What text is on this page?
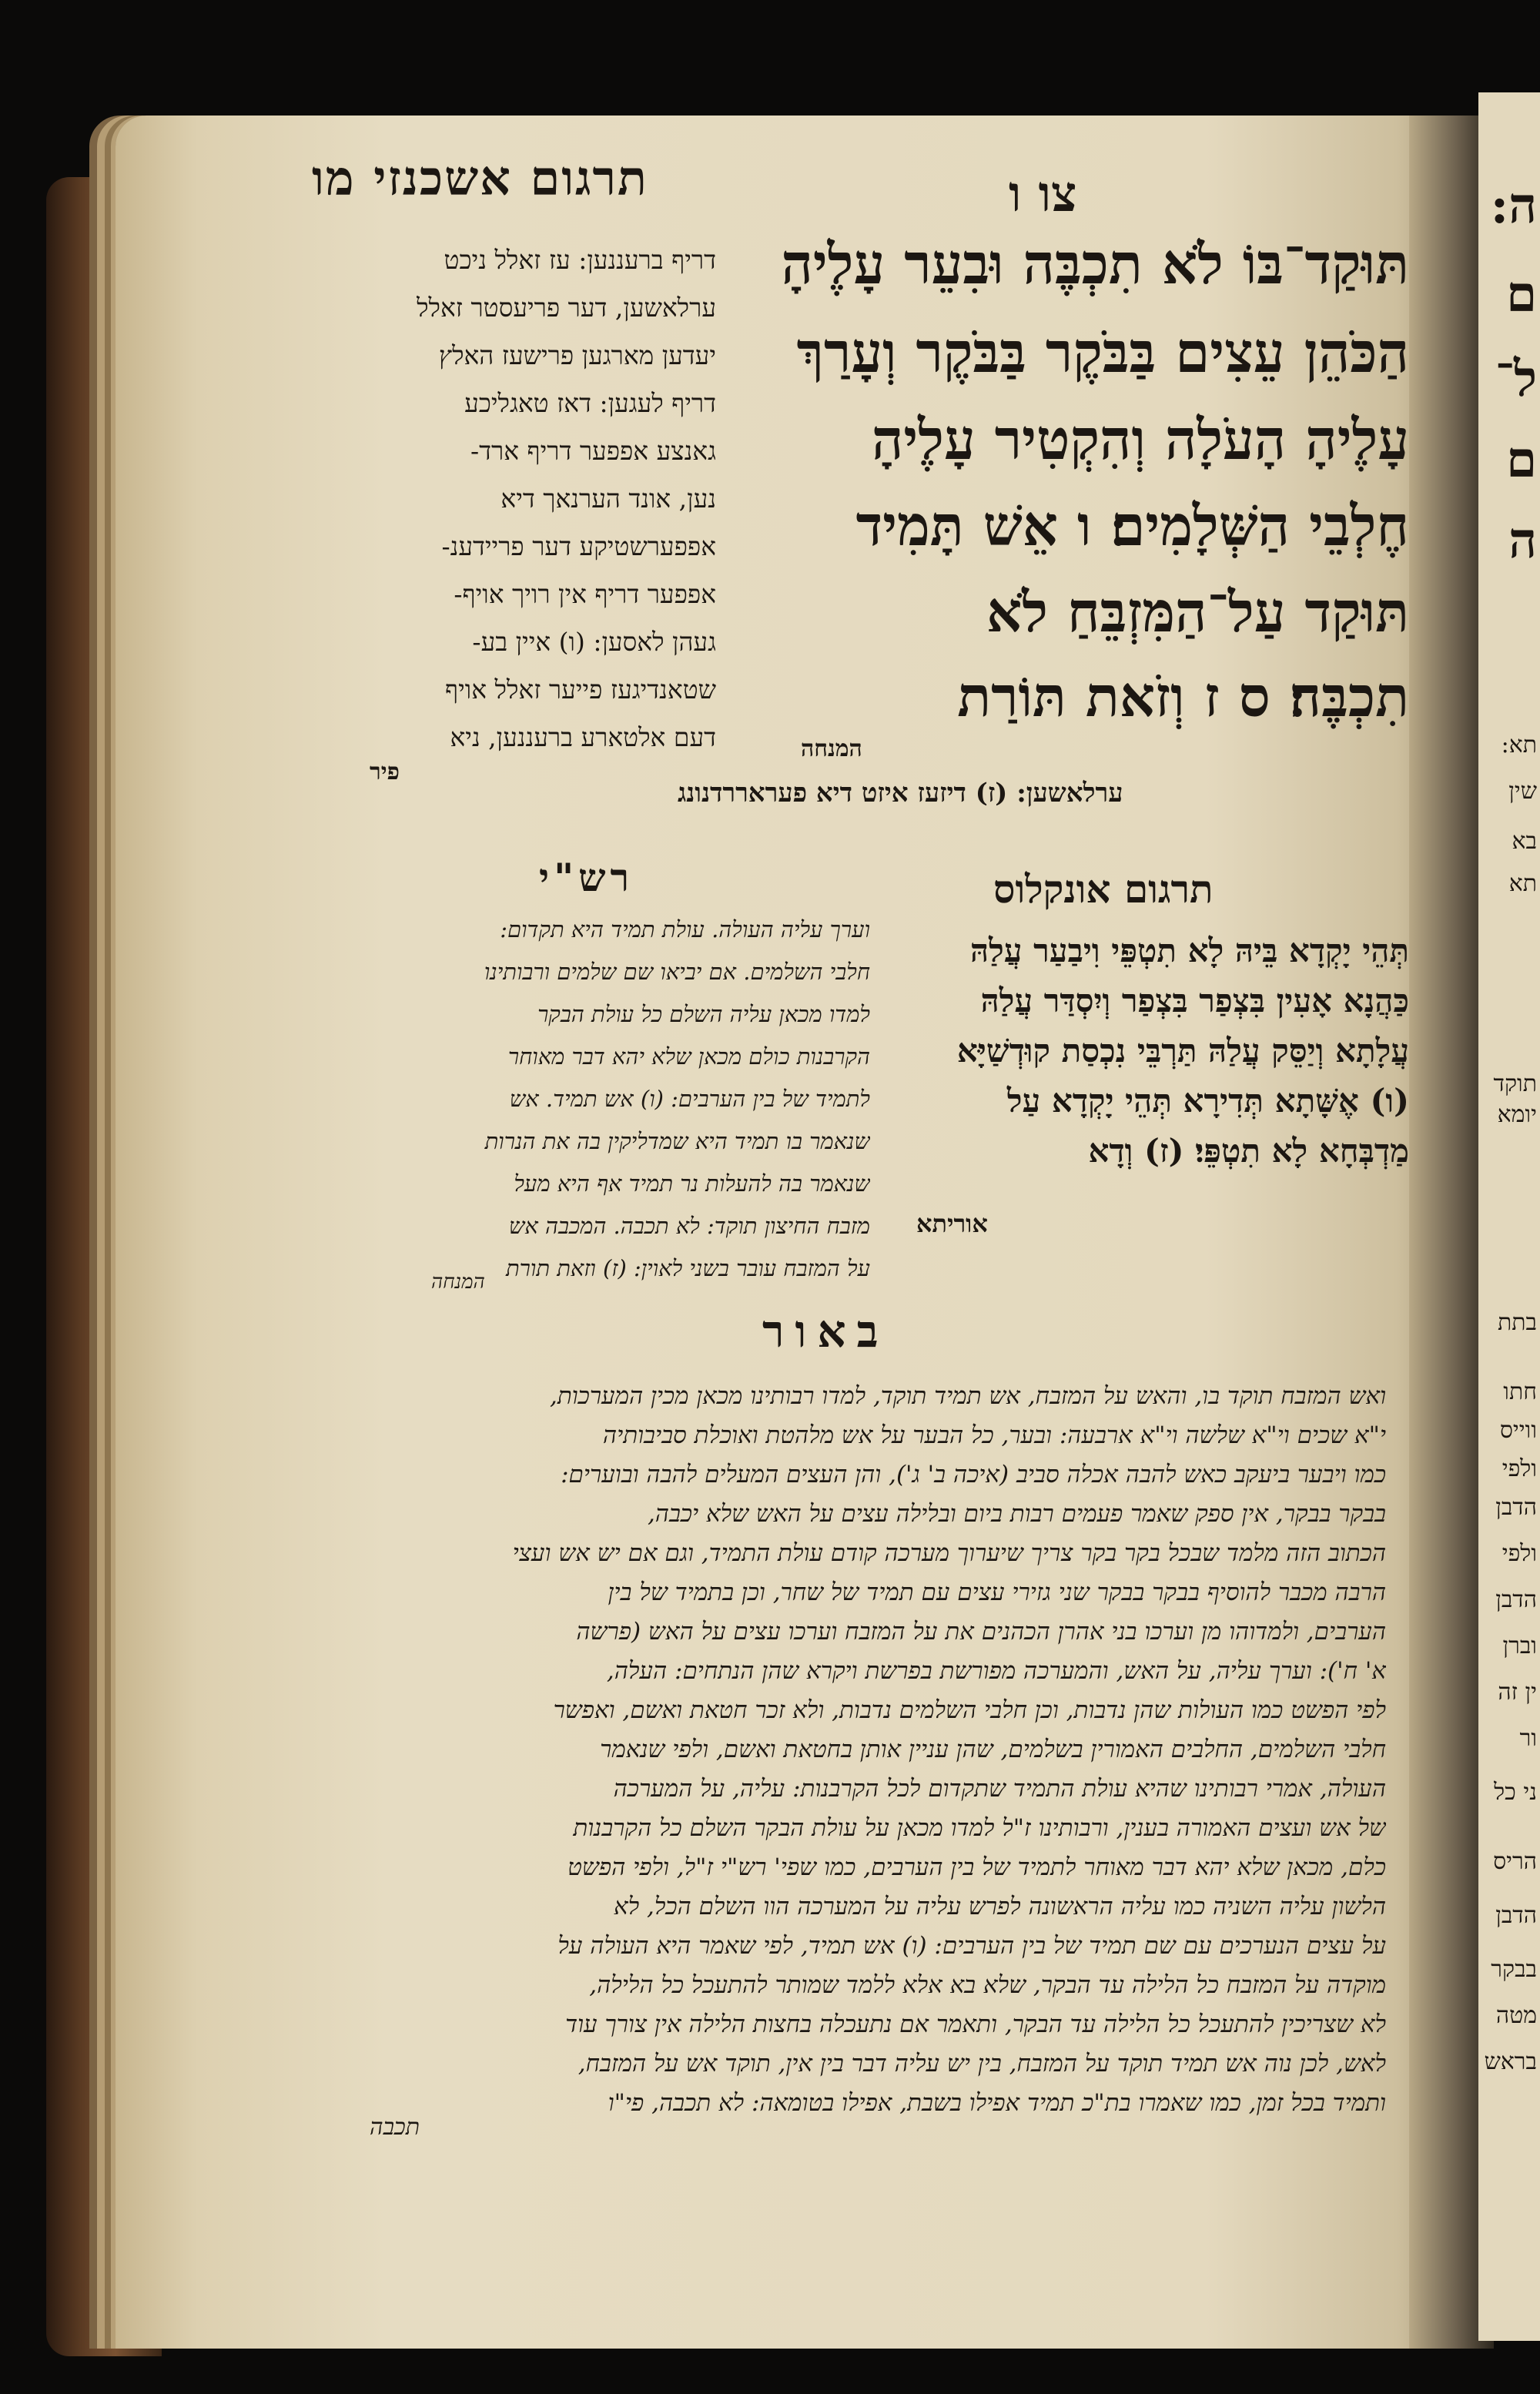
ה:
ם
ל־
ם
ה
תא:
שין
בא
תא
תוקד
יומא
בתת
חתו
ווייס
ולפי
הדבן
ולפי
הדבן
וברן
ין זה
ור
ני כל
הריס
הדבן
בבקר
מטה
בראש
תרגום אשכנזי מו	צו ו
תּוּקַד־בּוֹ לֹא תִכְבֶּה וּבִעֵר עָלֶיהָ
הַכֹּהֵן עֵצִים בַּבֹּקֶר בַּבֹּקֶר וְעָרַךְ
עָלֶיהָ הָעֹלָה וְהִקְטִיר עָלֶיהָ
חֶלְבֵי הַשְּׁלָמִים׃ ו אֵשׁ תָּמִיד
תּוּקַד עַל־הַמִּזְבֵּחַ לֹא
תִכְבֶּה׃ ס ז וְזֹאת תּוֹרַת
המנחה
דריף ברעננען: עז זאלל ניכט
ערלאשען, דער פריעסטר זאלל
יעדען מארגען פרישעז האלץ
דריף לעגען: דאז טאגליכע
גאנצע אפפער דריף ארד-
נען, אונד הערנאך דיא
אפפערשטיקע דער פריידענ-
אפפער דריף אין רויך אויף-
געהן לאסען: (ו) איין בע-
שטאנדיגעז פייער זאלל אויף
דעם אלטארע ברעננען, ניא
פיר
ערלאשען: (ז) דיזעז איזט דיא פעראררדנונג
תרגום אונקלוס
תְּהֵי יָקְדָא בֵּיהּ לָא תִטְפֵּי וִיבַעַר עֲלַהּ
כַּהֲנָא אָעִין בִּצְפַר בִּצְפַר וְיִסְדַּר עֲלַהּ
עֲלָתָא וְיַסֵּק עֲלַהּ תַּרְבֵּי נִכְסַת קוּדְשַׁיָּא
(ו) אֶשָּׁתָא תְּדִירָא תְּהֵי יָקְדָא עַל
מַדְבְּחָא לָא תִטְפֵּי׃ (ז) וְדָא
אוריתא
רש"י
וערך עליה העולה. עולת תמיד היא תקדום:
חלבי השלמים. אם יביאו שם שלמים ורבותינו
למדו מכאן עליה השלם כל עולת הבקר
הקרבנות כולם מכאן שלא יהא דבר מאוחר
לתמיד של בין הערבים: (ו) אש תמיד. אש
שנאמר בו תמיד היא שמדליקין בה את הנרות
שנאמר בה להעלות נר תמיד אף היא מעל
מזבח החיצון תוקד: לא תכבה. המכבה אש
על המזבח עובר בשני לאוין: (ז) וזאת תורת
המנחה
באור
ואש המזבח תוקד בו, והאש על המזבח, אש תמיד תוקד, למדו רבותינו מכאן מכין המערכות,
י"א שכים וי"א שלשה וי"א ארבעה: ובער, כל הבער על אש מלהטת ואוכלת סביבותיה
כמו ויבער ביעקב כאש להבה אכלה סביב (איכה ב' ג'), והן העצים המעלים להבה ובוערים:
בבקר בבקר, אין ספק שאמר פעמים רבות ביום ובלילה עצים על האש שלא יכבה,
הכתוב הזה מלמד שבכל בקר בקר צריך שיערוך מערכה קודם עולת התמיד, וגם אם יש אש ועצי
הרבה מכבר להוסיף בבקר בבקר שני גזירי עצים עם תמיד של שחר, וכן בתמיד של בין
הערבים, ולמדוהו מן וערכו בני אהרן הכהנים את על המזבח וערכו עצים על האש (פרשה
א' ח'): וערך עליה, על האש, והמערכה מפורשת בפרשת ויקרא שהן הנתחים: העלה,
לפי הפשט כמו העולות שהן נדבות, וכן חלבי השלמים נדבות, ולא זכר חטאת ואשם, ואפשר
חלבי השלמים, החלבים האמורין בשלמים, שהן עניין אותן בחטאת ואשם, ולפי שנאמר
העולה, אמרי רבותינו שהיא עולת התמיד שתקדום לכל הקרבנות: עליה, על המערכה
של אש ועצים האמורה בענין, ורבותינו ז"ל למדו מכאן על עולת הבקר השלם כל הקרבנות
כלם, מכאן שלא יהא דבר מאוחר לתמיד של בין הערבים, כמו שפי' רש"י ז"ל, ולפי הפשט
הלשון עליה השניה כמו עליה הראשונה לפרש עליה על המערכה הוו השלם הכל, לא
על עצים הנערכים עם שם תמיד של בין הערבים: (ו) אש תמיד, לפי שאמר היא העולה על
מוקדה על המזבח כל הלילה עד הבקר, שלא בא אלא ללמד שמותר להתעכל כל הלילה,
לא שצריכין להתעכל כל הלילה עד הבקר, ותאמר אם נתעכלה בחצות הלילה אין צורך עוד
לאש, לכן נוה אש תמיד תוקד על המזבח, בין יש עליה דבר בין אין, תוקד אש על המזבח,
ותמיד בכל זמן, כמו שאמרו בת"כ תמיד אפילו בשבת, אפילו בטומאה: לא תכבה, פי"ו
תכבה
